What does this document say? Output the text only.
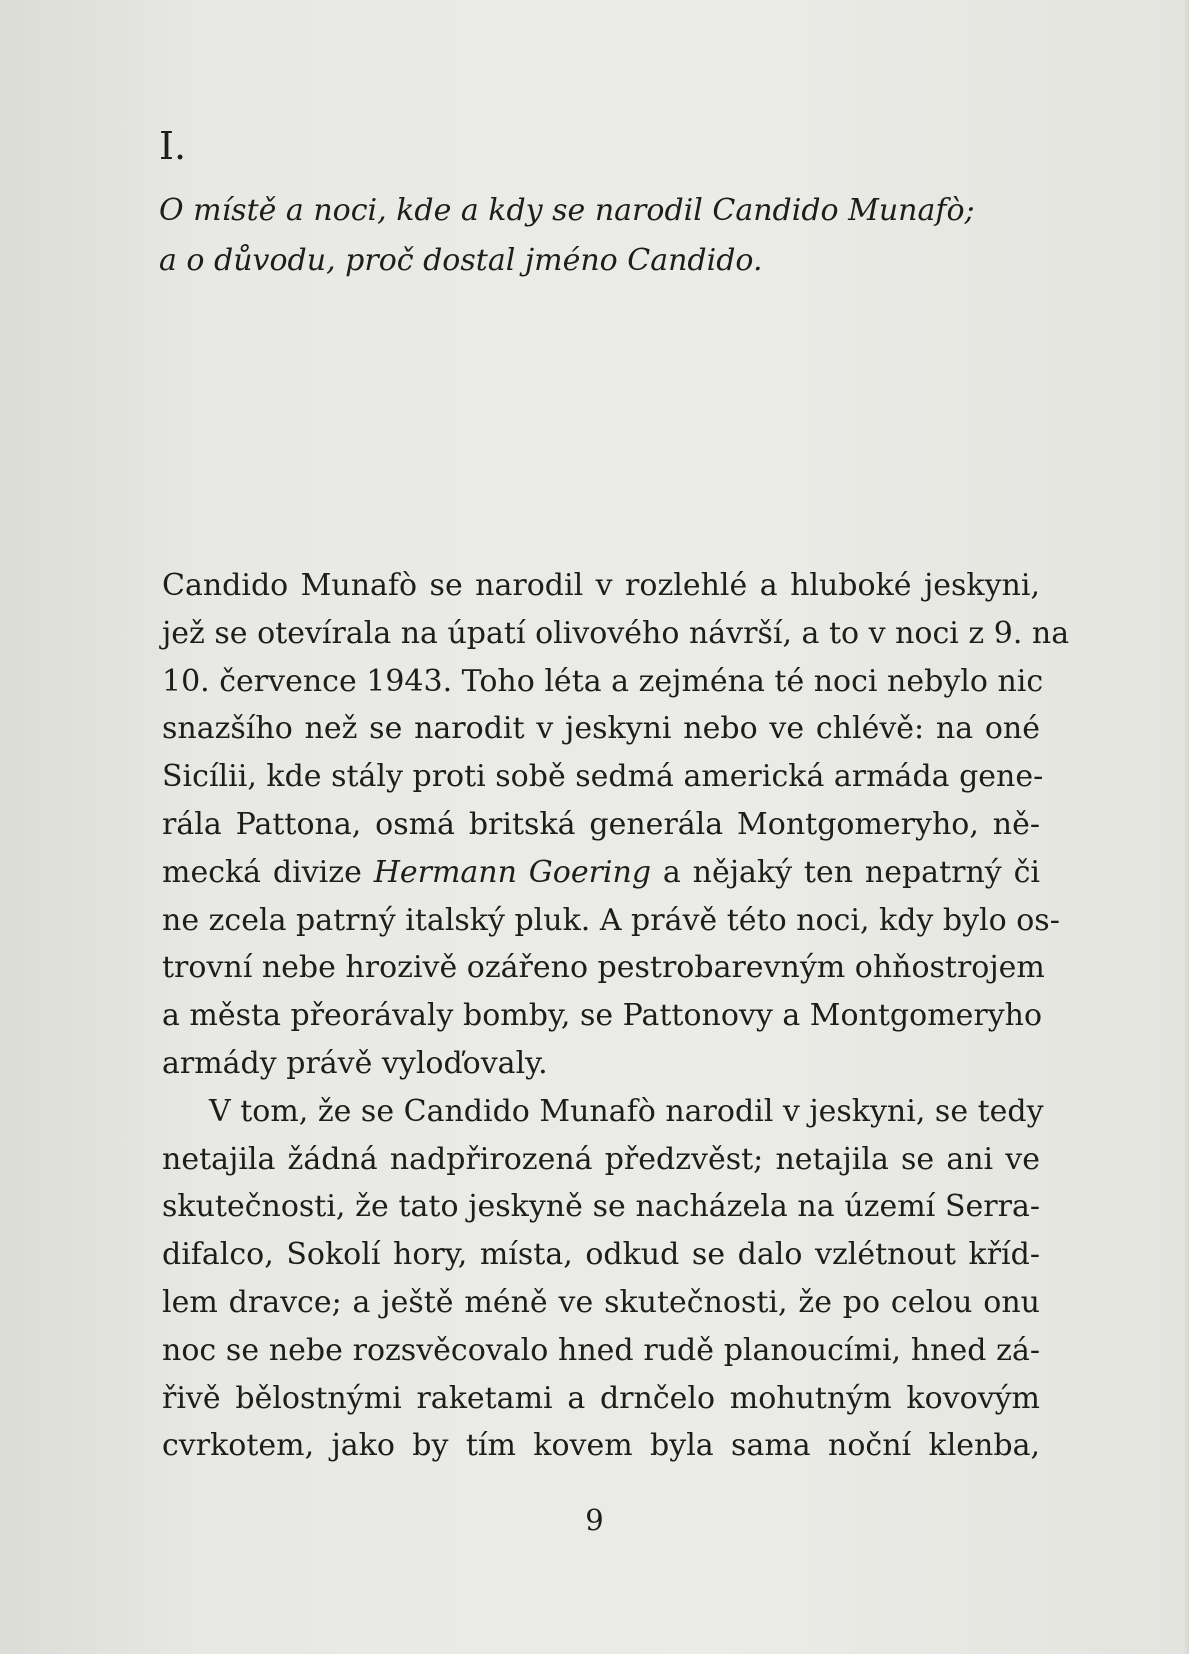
I.
O místě a noci, kde a kdy se narodil Candido Munafò;
a o důvodu, proč dostal jméno Candido.
Candido Munafò se narodil v rozlehlé a hluboké jeskyni,
jež se otevírala na úpatí olivového návrší, a to v noci z 9. na
10. července 1943. Toho léta a zejména té noci nebylo nic
snazšího než se narodit v jeskyni nebo ve chlévě: na oné
Sicílii, kde stály proti sobě sedmá americká armáda gene-
rála Pattona, osmá britská generála Montgomeryho, ně-
mecká divize Hermann Goering a nějaký ten nepatrný či
ne zcela patrný italský pluk. A právě této noci, kdy bylo os-
trovní nebe hrozivě ozářeno pestrobarevným ohňostrojem
a města přeorávaly bomby, se Pattonovy a Montgomeryho
armády právě vyloďovaly.
V tom, že se Candido Munafò narodil v jeskyni, se tedy
netajila žádná nadpřirozená předzvěst; netajila se ani ve
skutečnosti, že tato jeskyně se nacházela na území Serra-
difalco, Sokolí hory, místa, odkud se dalo vzlétnout kříd-
lem dravce; a ještě méně ve skutečnosti, že po celou onu
noc se nebe rozsvěcovalo hned rudě planoucími, hned zá-
řivě bělostnými raketami a drnčelo mohutným kovovým
cvrkotem, jako by tím kovem byla sama noční klenba,
9
